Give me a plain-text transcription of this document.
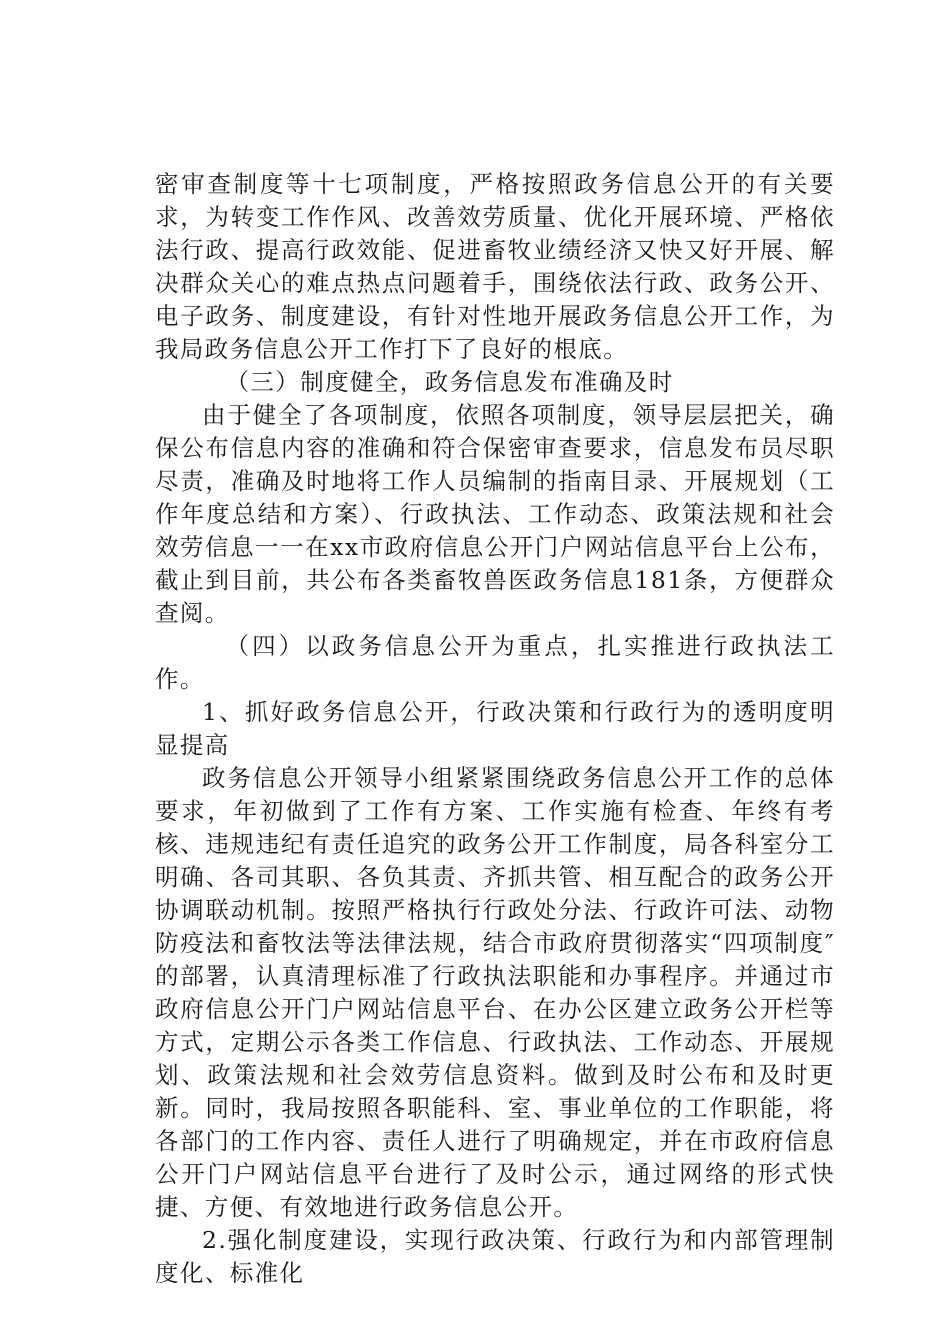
密审查制度等十七项制度，严格按照政务信息公开的有关要求，为转变工作作风、改善效劳质量、优化开展环境、严格依法行政、提高行政效能、促进畜牧业绩经济又快又好开展、解决群众关心的难点热点问题着手，围绕依法行政、政务公开、电子政务、制度建设，有针对性地开展政务信息公开工作，为我局政务信息公开工作打下了良好的根底。

（三）制度健全，政务信息发布准确及时

由于健全了各项制度，依照各项制度，领导层层把关，确保公布信息内容的准确和符合保密审查要求，信息发布员尽职尽责，准确及时地将工作人员编制的指南目录、开展规划（工作年度总结和方案）、行政执法、工作动态、政策法规和社会效劳信息一一在xx市政府信息公开门户网站信息平台上公布，截止到目前，共公布各类畜牧兽医政务信息181条，方便群众查阅。

（四）以政务信息公开为重点，扎实推进行政执法工作。

1、抓好政务信息公开，行政决策和行政行为的透明度明显提高

政务信息公开领导小组紧紧围绕政务信息公开工作的总体要求，年初做到了工作有方案、工作实施有检查、年终有考核、违规违纪有责任追究的政务公开工作制度，局各科室分工明确、各司其职、各负其责、齐抓共管、相互配合的政务公开协调联动机制。按照严格执行行政处分法、行政许可法、动物防疫法和畜牧法等法律法规，结合市政府贯彻落实“四项制度″的部署，认真清理标准了行政执法职能和办事程序。并通过市政府信息公开门户网站信息平台、在办公区建立政务公开栏等方式，定期公示各类工作信息、行政执法、工作动态、开展规划、政策法规和社会效劳信息资料。做到及时公布和及时更新。同时，我局按照各职能科、室、事业单位的工作职能，将各部门的工作内容、责任人进行了明确规定，并在市政府信息公开门户网站信息平台进行了及时公示，通过网络的形式快捷、方便、有效地进行政务信息公开。

2.强化制度建设，实现行政决策、行政行为和内部管理制度化、标准化
